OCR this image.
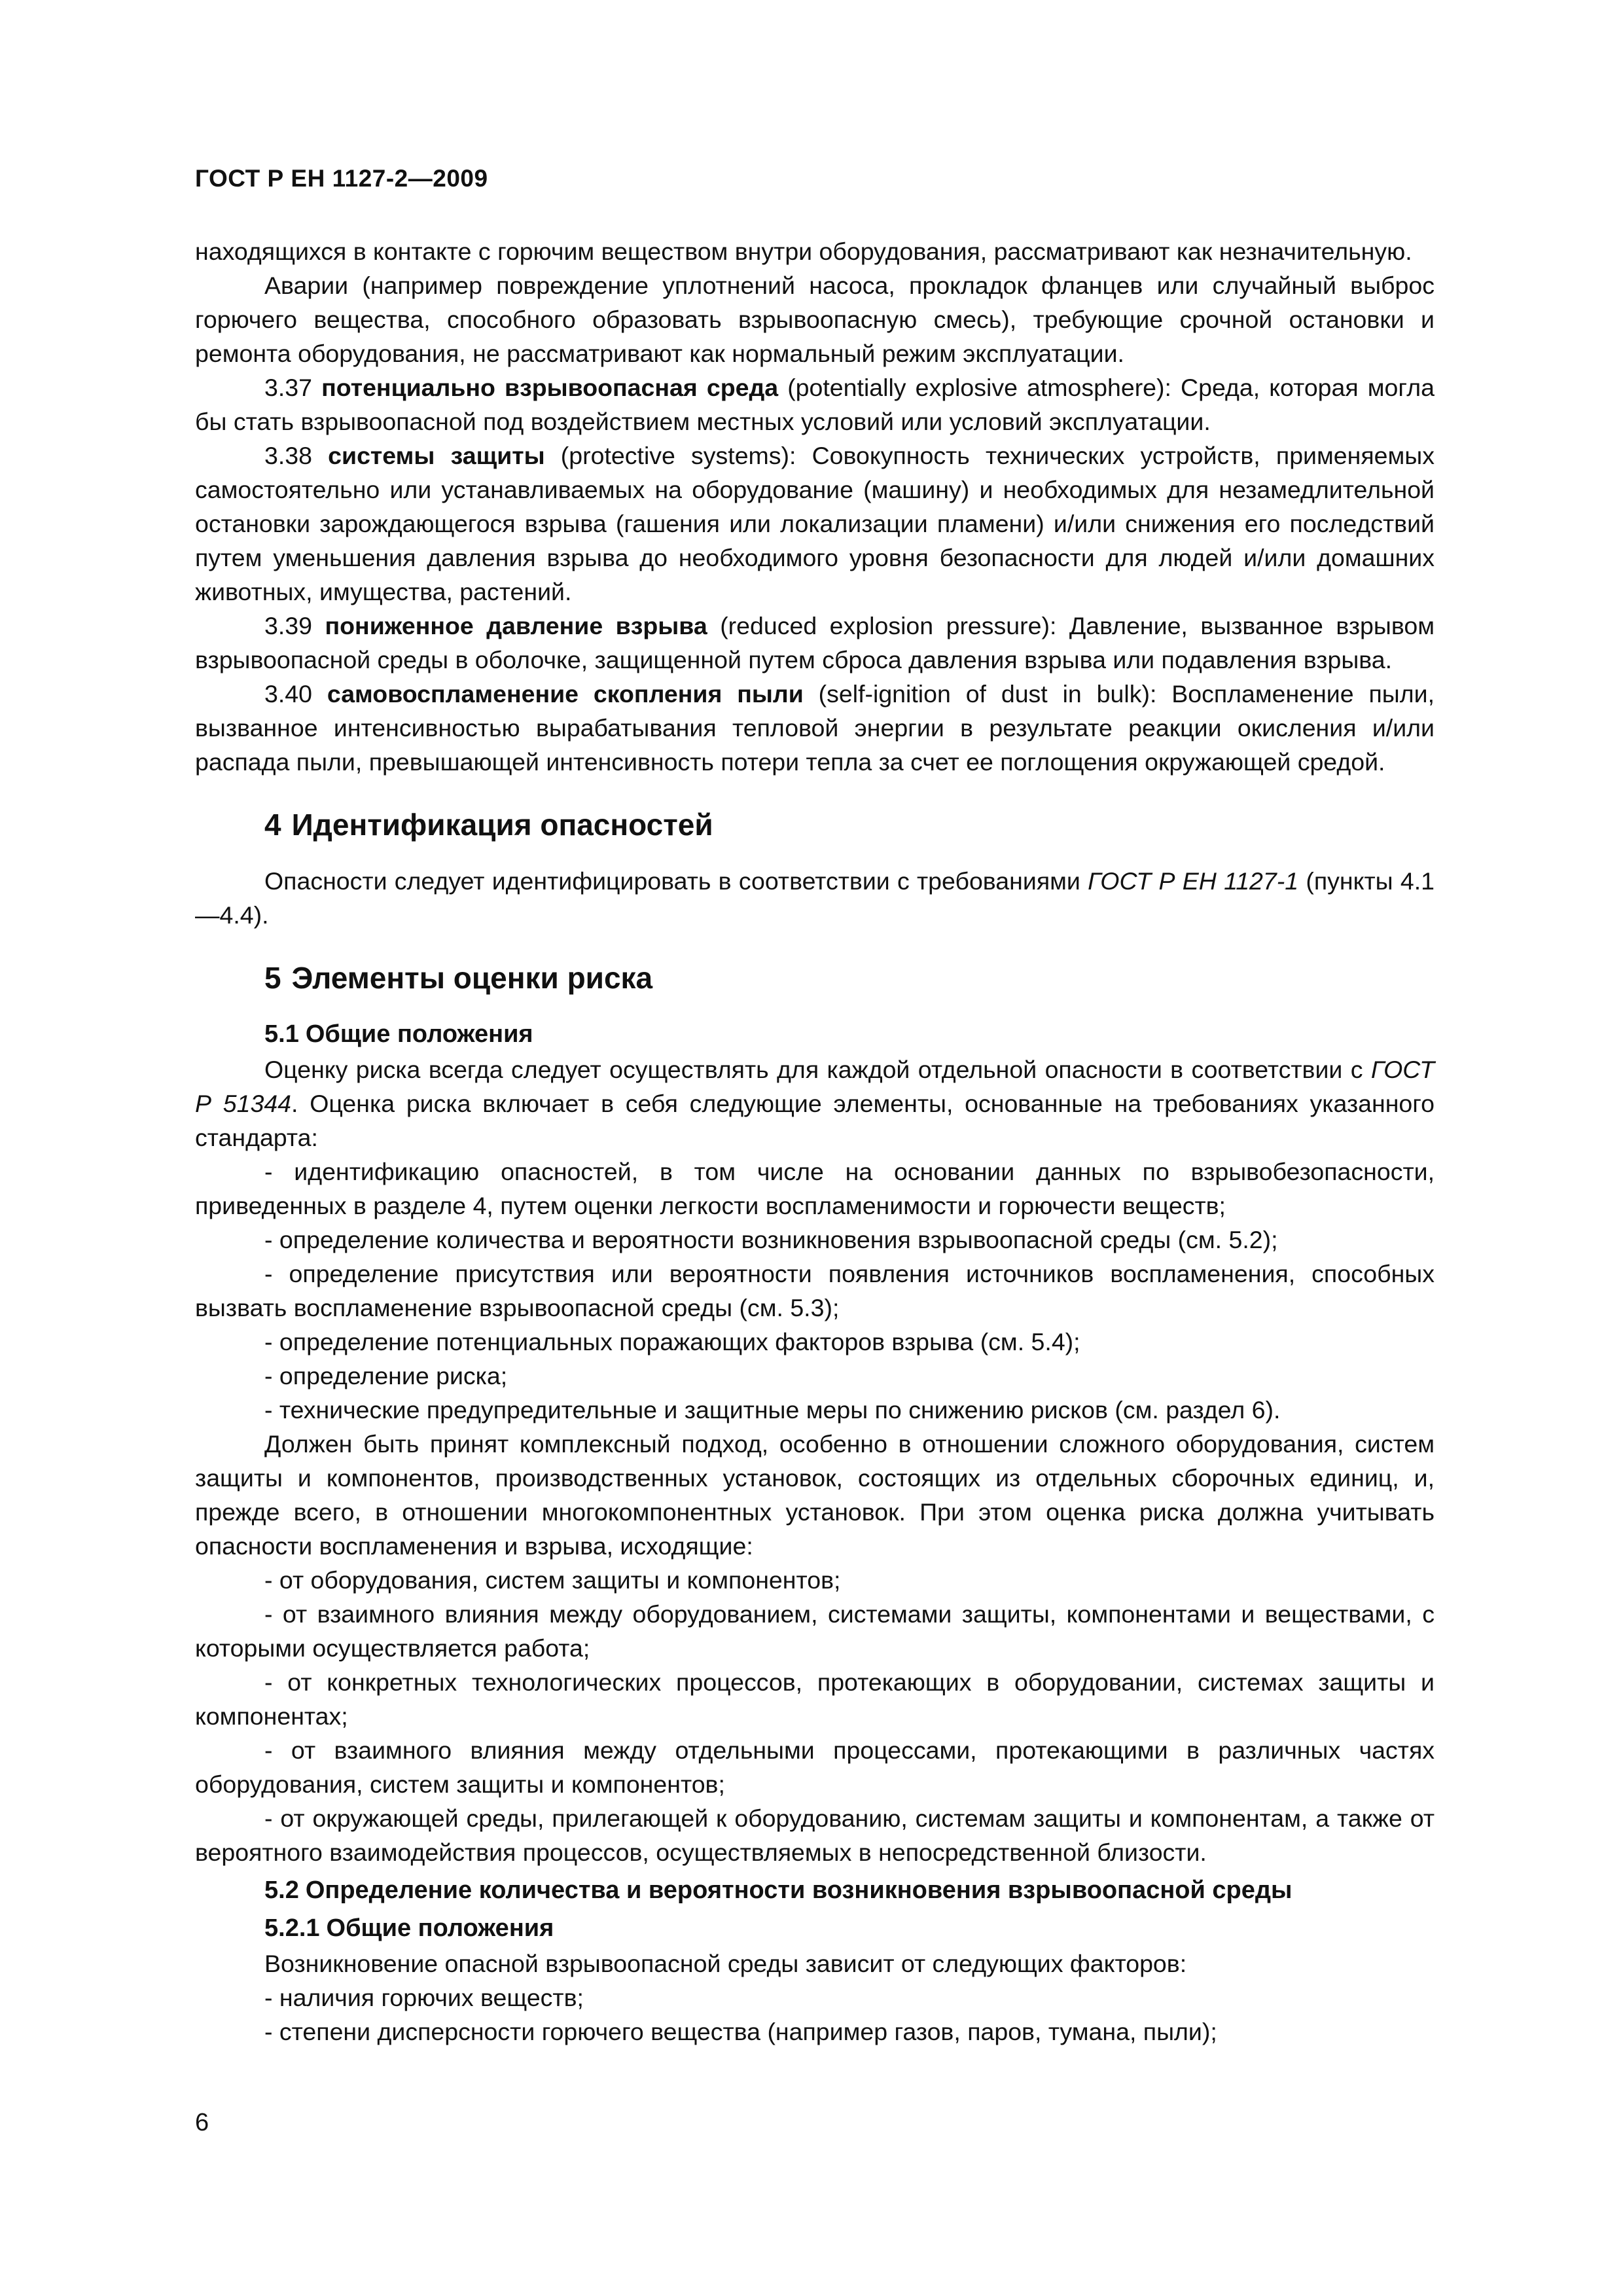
ГОСТ Р ЕН 1127-2—2009

находящихся в контакте с горючим веществом внутри оборудования, рассматривают как незначительную.

Аварии (например повреждение уплотнений насоса, прокладок фланцев или случайный выброс горючего вещества, способного образовать взрывоопасную смесь), требующие срочной остановки и ремонта оборудования, не рассматривают как нормальный режим эксплуатации.

3.37 потенциально взрывоопасная среда (potentially explosive atmosphere): Среда, которая могла бы стать взрывоопасной под воздействием местных условий или условий эксплуатации.

3.38 системы защиты (protective systems): Совокупность технических устройств, применяемых самостоятельно или устанавливаемых на оборудование (машину) и необходимых для незамедлительной остановки зарождающегося взрыва (гашения или локализации пламени) и/или снижения его последствий путем уменьшения давления взрыва до необходимого уровня безопасности для людей и/или домашних животных, имущества, растений.

3.39 пониженное давление взрыва (reduced explosion pressure): Давление, вызванное взрывом взрывоопасной среды в оболочке, защищенной путем сброса давления взрыва или подавления взрыва.

3.40 самовоспламенение скопления пыли (self-ignition of dust in bulk): Воспламенение пыли, вызванное интенсивностью вырабатывания тепловой энергии в результате реакции окисления и/или распада пыли, превышающей интенсивность потери тепла за счет ее поглощения окружающей средой.

4 Идентификация опасностей

Опасности следует идентифицировать в соответствии с требованиями ГОСТ Р ЕН 1127-1 (пункты 4.1—4.4).

5 Элементы оценки риска
5.1 Общие положения

Оценку риска всегда следует осуществлять для каждой отдельной опасности в соответствии с ГОСТ Р 51344. Оценка риска включает в себя следующие элементы, основанные на требованиях указанного стандарта:

- идентификацию опасностей, в том числе на основании данных по взрывобезопасности, приведенных в разделе 4, путем оценки легкости воспламенимости и горючести веществ;

- определение количества и вероятности возникновения взрывоопасной среды (см. 5.2);

- определение присутствия или вероятности появления источников воспламенения, способных вызвать воспламенение взрывоопасной среды (см. 5.3);

- определение потенциальных поражающих факторов взрыва (см. 5.4);

- определение риска;

- технические предупредительные и защитные меры по снижению рисков (см. раздел 6).

Должен быть принят комплексный подход, особенно в отношении сложного оборудования, систем защиты и компонентов, производственных установок, состоящих из отдельных сборочных единиц, и, прежде всего, в отношении многокомпонентных установок. При этом оценка риска должна учитывать опасности воспламенения и взрыва, исходящие:

- от оборудования, систем защиты и компонентов;

- от взаимного влияния между оборудованием, системами защиты, компонентами и веществами, с которыми осуществляется работа;

- от конкретных технологических процессов, протекающих в оборудовании, системах защиты и компонентах;

- от взаимного влияния между отдельными процессами, протекающими в различных частях оборудования, систем защиты и компонентов;

- от окружающей среды, прилегающей к оборудованию, системам защиты и компонентам, а также от вероятного взаимодействия процессов, осуществляемых в непосредственной близости.

5.2 Определение количества и вероятности возникновения взрывоопасной среды
5.2.1 Общие положения

Возникновение опасной взрывоопасной среды зависит от следующих факторов:

- наличия горючих веществ;

- степени дисперсности горючего вещества (например газов, паров, тумана, пыли);

6
